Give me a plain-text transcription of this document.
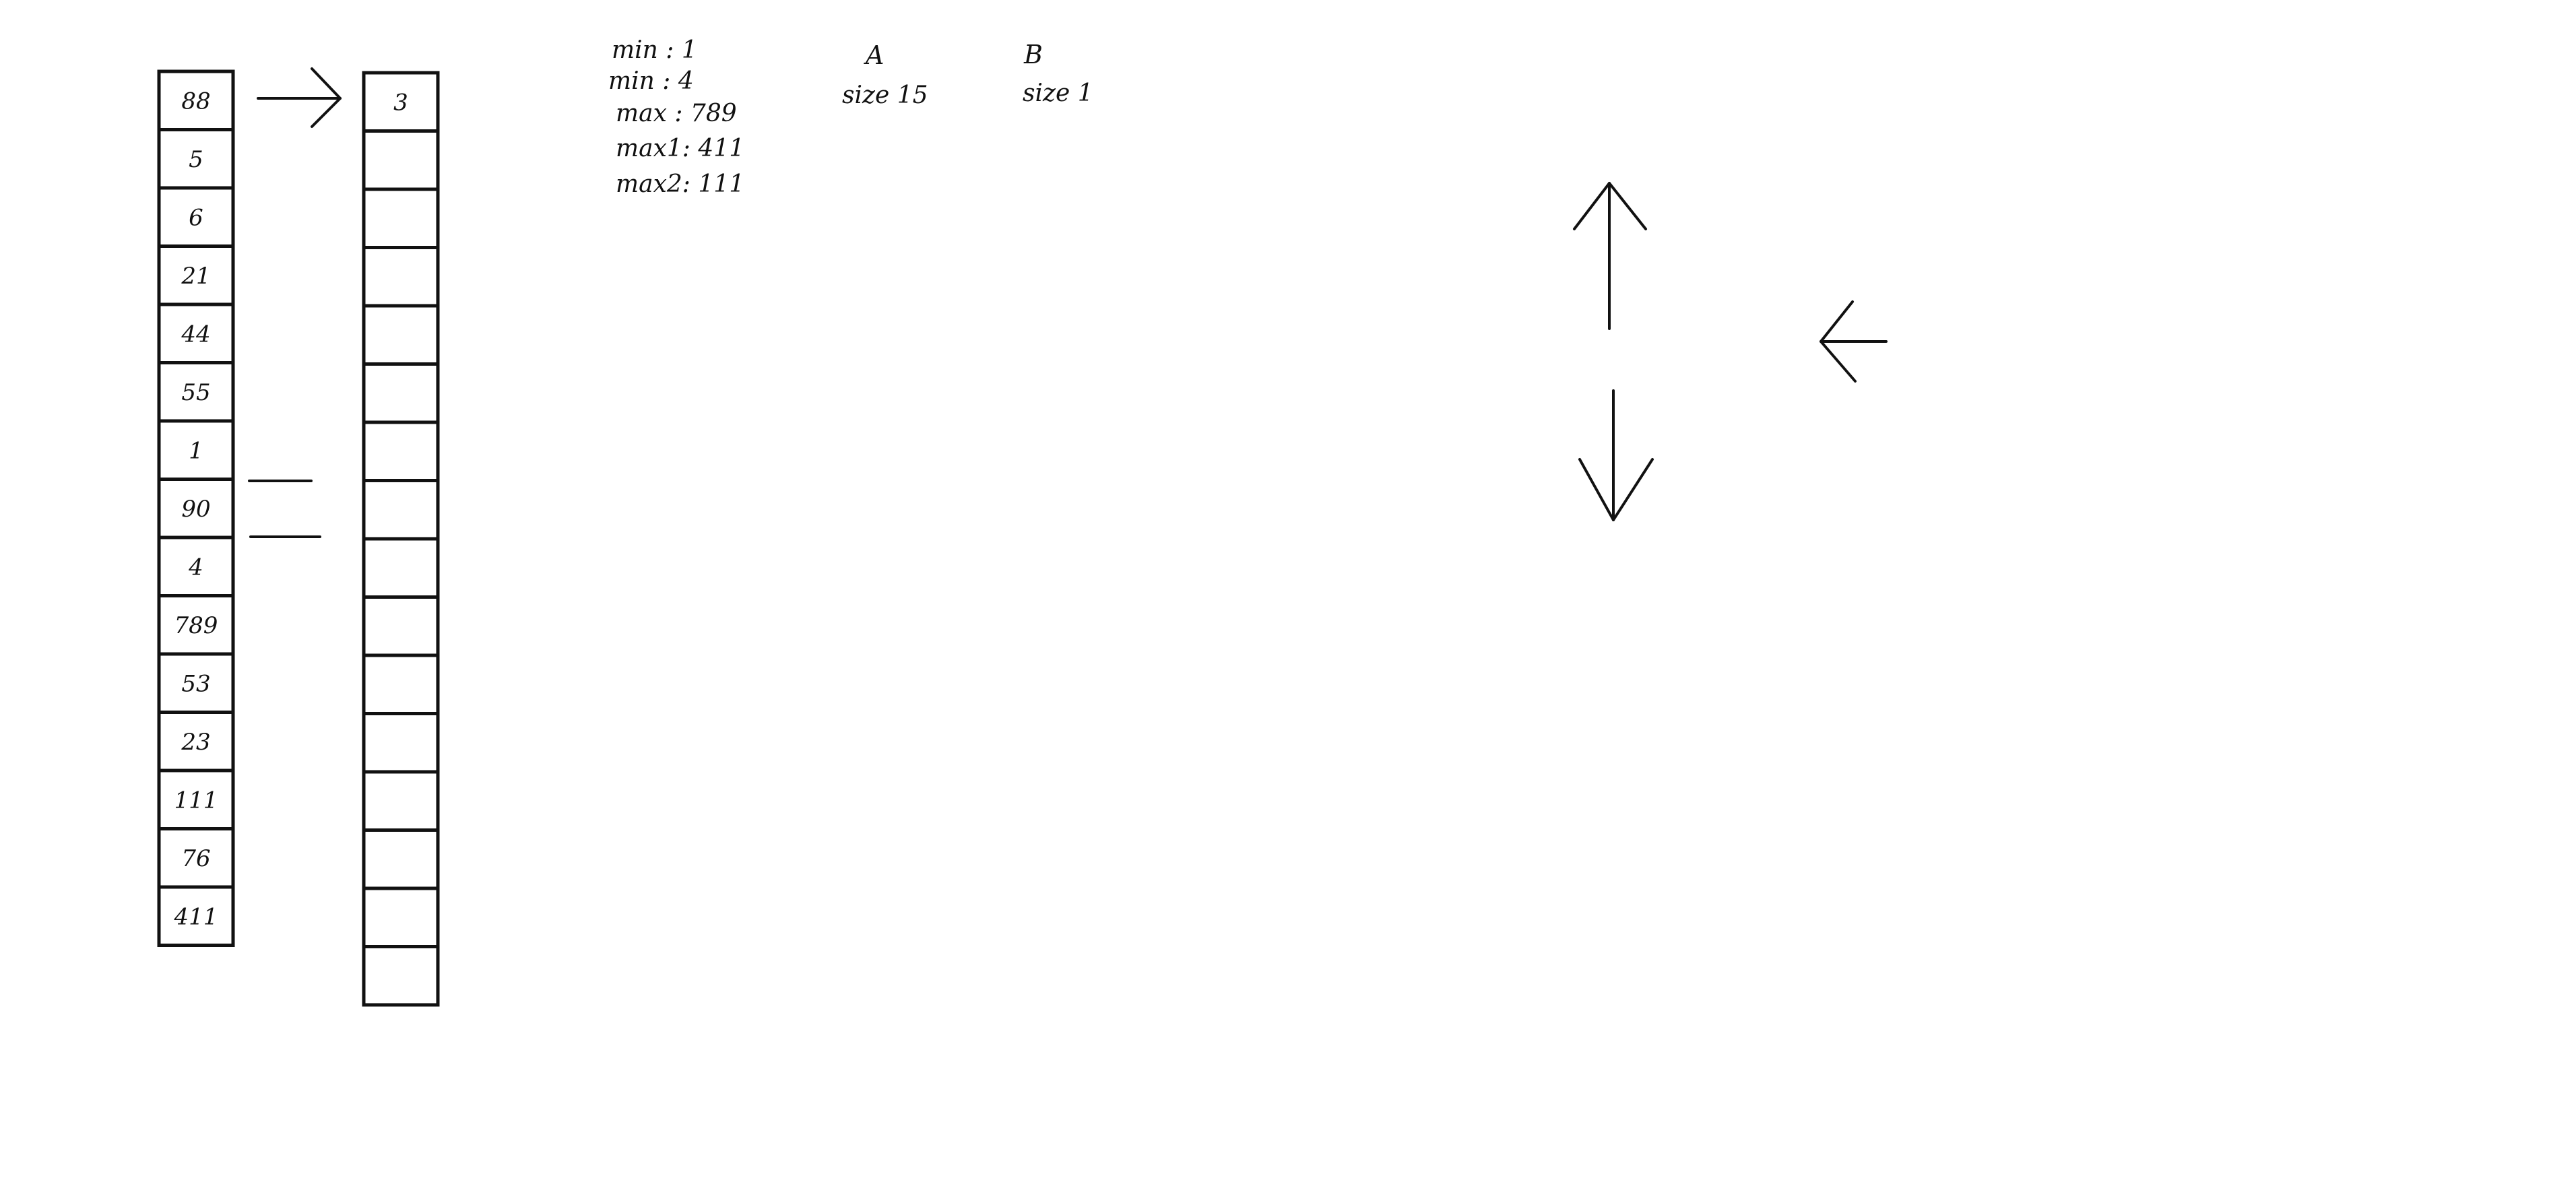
88
5
6
21
44
55
1
90
4
789
53
23
111
76
411
3
min : 1
min : 4
max : 789
max1: 411
max2: 111
A
size 15
B
size 1
